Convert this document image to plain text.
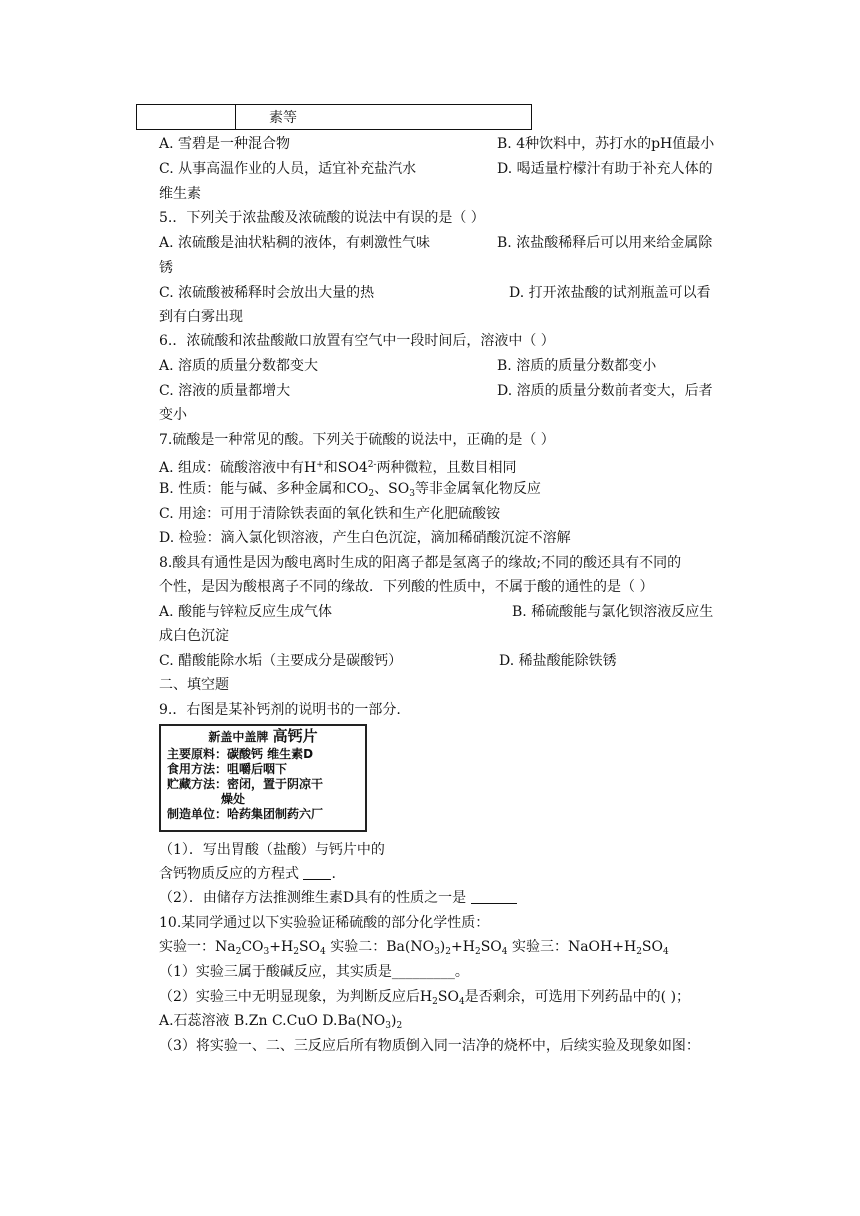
素等
A. 雪碧是一种混合物	B. 4种饮料中，苏打水的pH值最小
C. 从事高温作业的人员，适宜补充盐汽水	D. 喝适量柠檬汁有助于补充人体的
维生素
5.．下列关于浓盐酸及浓硫酸的说法中有误的是（ ）
A. 浓硫酸是油状粘稠的液体，有刺激性气味	B. 浓盐酸稀释后可以用来给金属除
锈
C. 浓硫酸被稀释时会放出大量的热	D. 打开浓盐酸的试剂瓶盖可以看
到有白雾出现
6.．浓硫酸和浓盐酸敞口放置有空气中一段时间后，溶液中（ ）
A. 溶质的质量分数都变大	B. 溶质的质量分数都变小
C. 溶液的质量都增大	D. 溶质的质量分数前者变大，后者
变小
7.硫酸是一种常见的酸。下列关于硫酸的说法中，正确的是（ ）
A. 组成：硫酸溶液中有H+和$SO4^{2-}$两种微粒，且数目相同
B. 性质：能与碱、多种金属和$CO_2$、$SO_3$等非金属氧化物反应
C. 用途：可用于清除铁表面的氧化铁和生产化肥硫酸铵
D. 检验：滴入氯化钡溶液，产生白色沉淀，滴加稀硝酸沉淀不溶解
8.酸具有通性是因为酸电离时生成的阳离子都是氢离子的缘故;不同的酸还具有不同的
个性，是因为酸根离子不同的缘故．下列酸的性质中，不属于酸的通性的是（ ）
A. 酸能与锌粒反应生成气体	B. 稀硫酸能与氯化钡溶液反应生
成白色沉淀
C. 醋酸能除水垢（主要成分是碳酸钙）	D. 稀盐酸能除铁锈
二、填空题
9.．右图是某补钙剂的说明书的一部分.
新盖中盖牌 高钙片
主要原料：碳酸钙 维生素D
食用方法：咀嚼后咽下
贮藏方法：密闭，置于阴凉干
燥处
制造单位：哈药集团制药六厂
（1）．写出胃酸（盐酸）与钙片中的
含钙物质反应的方程式 .
（2）．由储存方法推测维生素D具有的性质之一是
10.某同学通过以下实验验证稀硫酸的部分化学性质：
实验一：$Na_2CO_3+H_2SO_4$ 实验二：$Ba(NO_3)_2+H_2SO_4$ 实验三：$NaOH+H_2SO_4$
（1）实验三属于酸碱反应，其实质是_________。
（2）实验三中无明显现象，为判断反应后$H_2SO_4$是否剩余，可选用下列药品中的( )；
A.石蕊溶液 B.Zn C.CuO $D.Ba(NO_3)_2$
（3）将实验一、二、三反应后所有物质倒入同一洁净的烧杯中，后续实验及现象如图：
